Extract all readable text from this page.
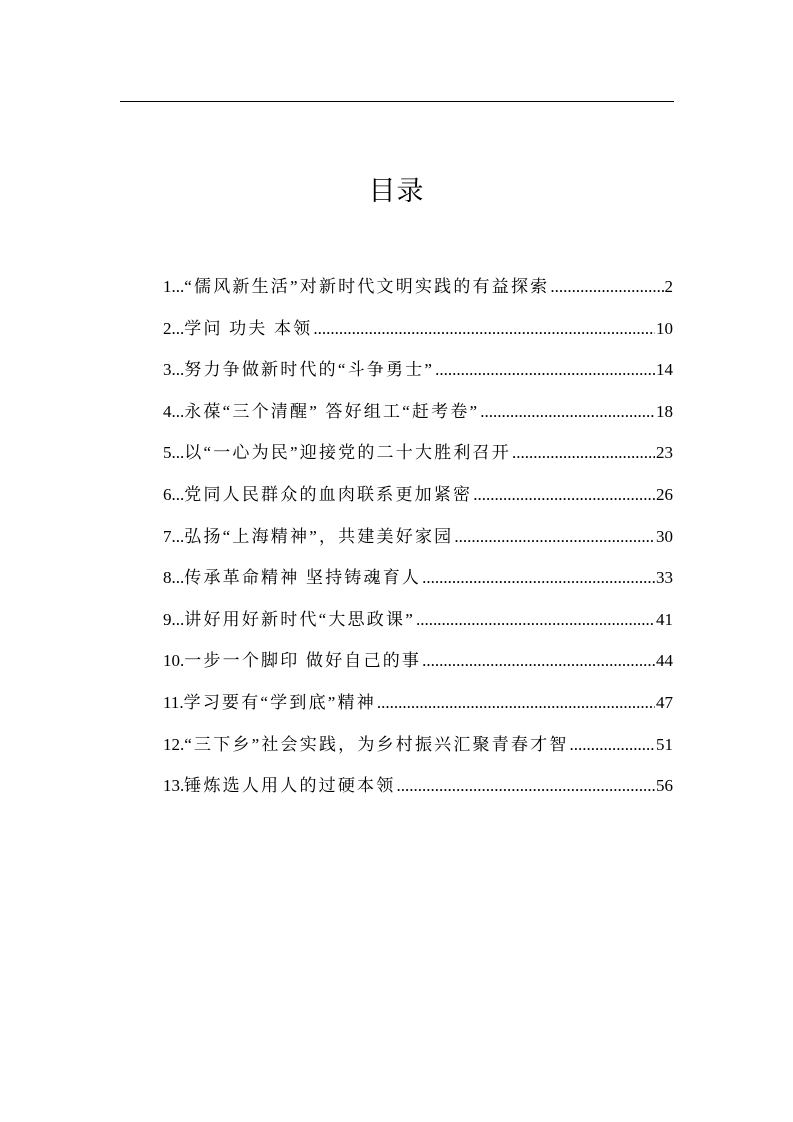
目录
1... “儒风新生活”对新时代文明实践的有益探索 .....	2
2... 学问 功夫 本领 .....	10
3... 努力争做新时代的“斗争勇士” .....	14
4... 永葆“三个清醒” 答好组工“赶考卷” .....	18
5... 以“一心为民”迎接党的二十大胜利召开 .....	23
6... 党同人民群众的血肉联系更加紧密 .....	26
7... 弘扬“上海精神”，共建美好家园 .....	30
8... 传承革命精神 坚持铸魂育人 .....	33
9... 讲好用好新时代“大思政课” .....	41
10. 一步一个脚印 做好自己的事 .....	44
11. 学习要有“学到底”精神 .....	47
12. “三下乡”社会实践，为乡村振兴汇聚青春才智 .....	51
13. 锤炼选人用人的过硬本领 .....	56
